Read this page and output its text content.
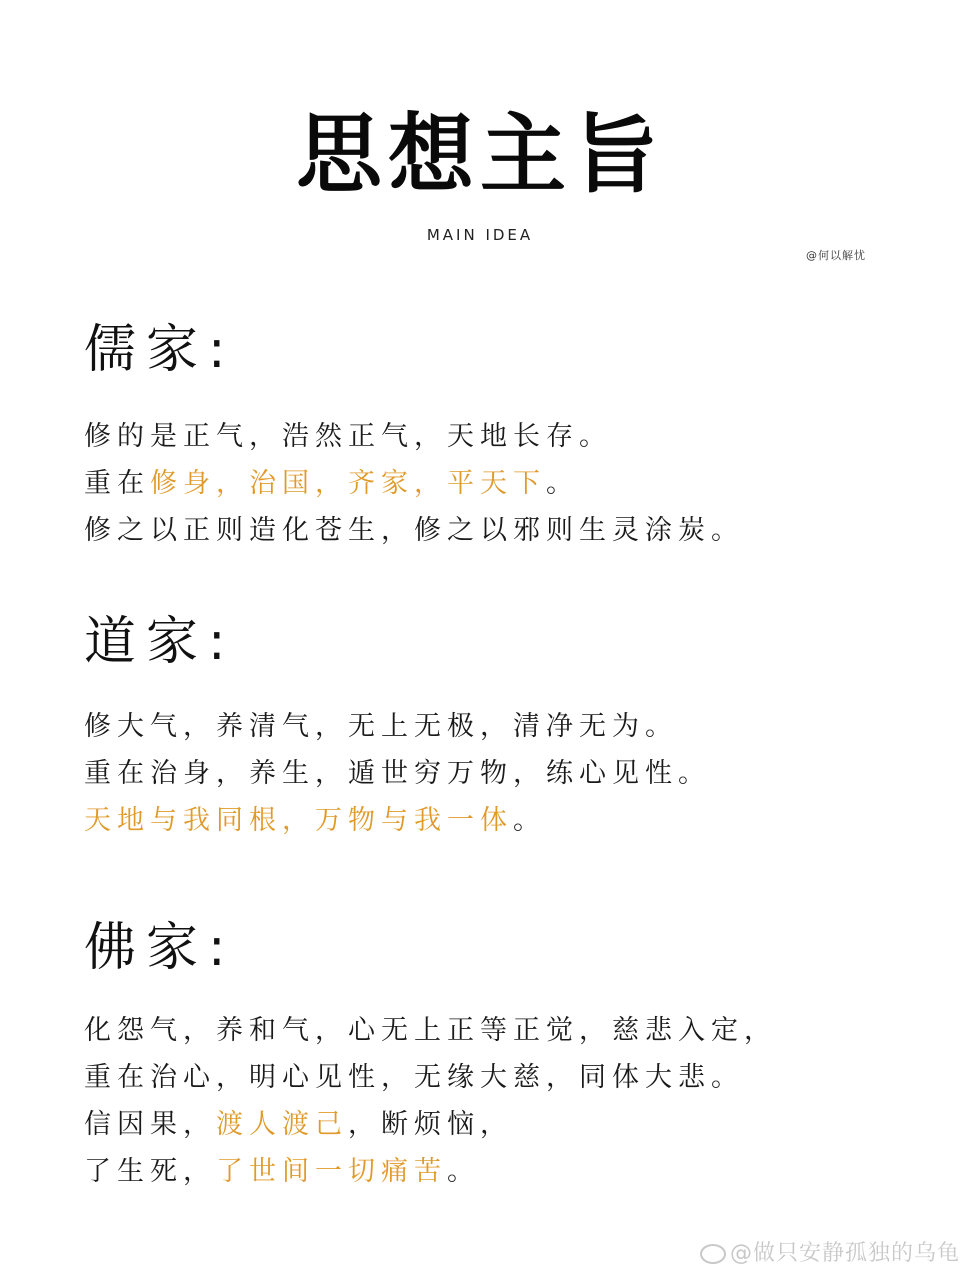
思想主旨
MAIN IDEA
@何以解忧
儒家:
修的是正气，浩然正气，天地长存。
重在修身，治国，齐家，平天下。
修之以正则造化苍生，修之以邪则生灵涂炭。
道家:
修大气，养清气，无上无极，清净无为。
重在治身，养生，遁世穷万物，练心见性。
天地与我同根，万物与我一体。
佛家:
化怨气，养和气，心无上正等正觉，慈悲入定，
重在治心，明心见性，无缘大慈，同体大悲。
信因果，渡人渡己，断烦恼，
了生死，了世间一切痛苦。
@做只安静孤独的乌龟
